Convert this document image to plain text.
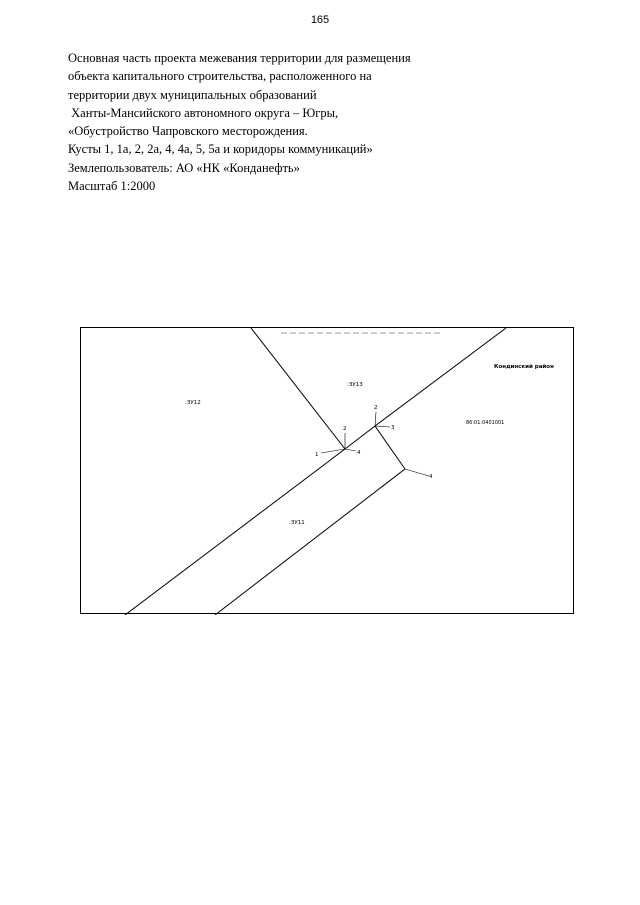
165
Основная часть проекта межевания территории для размещения
объекта капитального строительства, расположенного на
территории двух муниципальных образований
Ханты-Мансийского автономного округа – Югры,
«Обустройство Чапровского месторождения.
Кусты 1, 1а, 2, 2а, 4, 4а, 5, 5а и коридоры коммуникаций»
Землепользователь: АО «НК «Конданефть»
Масштаб 1:2000
Кондинский район
86:01:0401001
:ЗУ12
:ЗУ13
:ЗУ11
1
2
4
2
3
4
